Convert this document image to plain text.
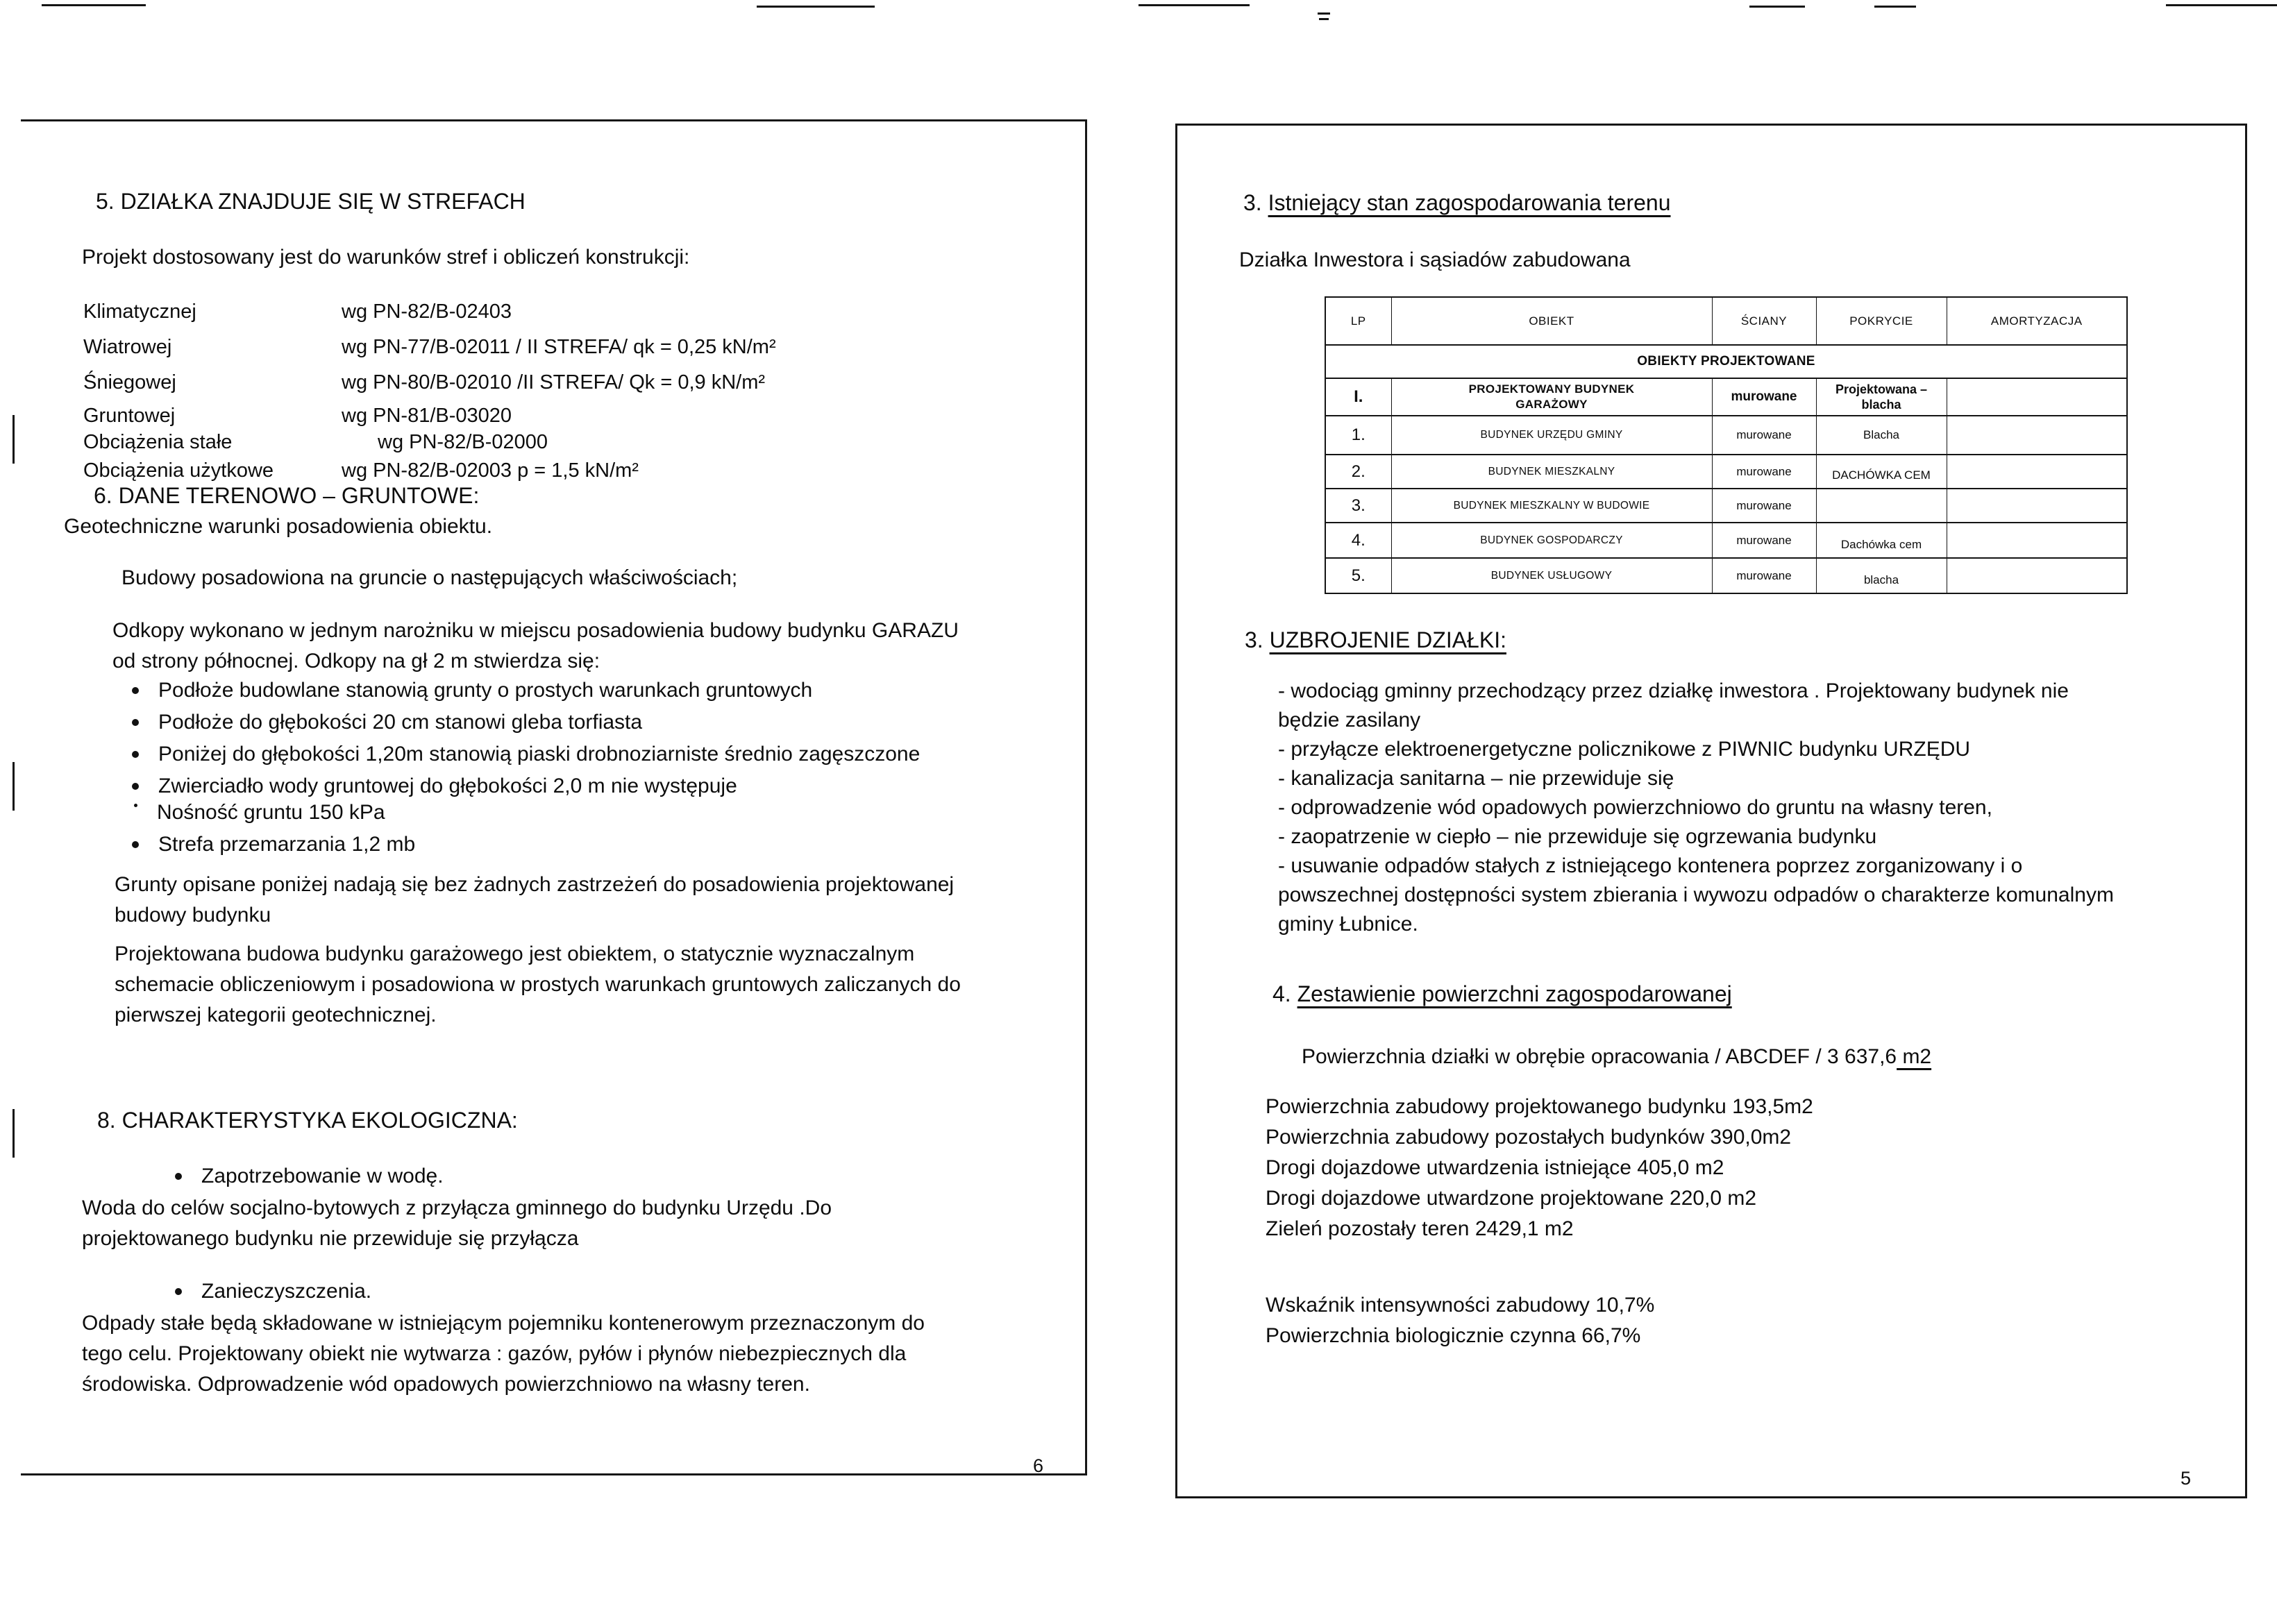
5. DZIAŁKA ZNAJDUJE SIĘ W STREFACH
Projekt dostosowany jest do warunków stref i obliczeń konstrukcji:
Klimatycznej	wg PN-82/B-02403
Wiatrowej	wg PN-77/B-02011 / II STREFA/ qk = 0,25 kN/m²
Śniegowej	wg PN-80/B-02010 /II STREFA/ Qk = 0,9 kN/m²
Gruntowej	wg PN-81/B-03020
Obciążenia stałe	wg PN-82/B-02000
Obciążenia użytkowe	wg PN-82/B-02003 p = 1,5 kN/m²
6. DANE TERENOWO – GRUNTOWE:
Geotechniczne warunki posadowienia obiektu.
Budowy posadowiona na gruncie o następujących właściwościach;
Odkopy wykonano w jednym narożniku w miejscu posadowienia budowy budynku GARAZU
od strony północnej. Odkopy na gł 2 m stwierdza się:
Podłoże budowlane stanowią grunty o prostych warunkach gruntowych
Podłoże do głębokości 20 cm stanowi gleba torfiasta
Poniżej do głębokości 1,20m stanowią piaski drobnoziarniste średnio zagęszczone
Zwierciadło wody gruntowej do głębokości 2,0 m nie występuje
Nośność gruntu 150 kPa
Strefa przemarzania 1,2 mb
Grunty opisane poniżej nadają się bez żadnych zastrzeżeń do posadowienia projektowanej
budowy budynku
Projektowana budowa budynku garażowego jest obiektem, o statycznie wyznaczalnym
schemacie obliczeniowym i posadowiona w prostych warunkach gruntowych zaliczanych do
pierwszej kategorii geotechnicznej.
8. CHARAKTERYSTYKA EKOLOGICZNA:
Zapotrzebowanie w wodę.
Woda do celów socjalno-bytowych z przyłącza gminnego do budynku Urzędu .Do
projektowanego budynku nie przewiduje się przyłącza
Zanieczyszczenia.
Odpady stałe będą składowane w istniejącym pojemniku kontenerowym przeznaczonym do
tego celu. Projektowany obiekt nie wytwarza : gazów, pyłów i płynów niebezpiecznych dla
środowiska. Odprowadzenie wód opadowych powierzchniowo na własny teren.
6
3. Istniejący stan zagospodarowania terenu
Działka Inwestora i sąsiadów zabudowana
LP	OBIEKT	ŚCIANY	POKRYCIE	AMORTYZACJA
OBIEKTY PROJEKTOWANE				
I.	PROJEKTOWANY BUDYNEK GARAŻOWY	murowane	Projektowana – blacha	
1.	BUDYNEK URZĘDU GMINY	murowane	Blacha	
2.	BUDYNEK MIESZKALNY	murowane	DACHÓWKA CEM	
3.	BUDYNEK MIESZKALNY W BUDOWIE	murowane		
4.	BUDYNEK GOSPODARCZY	murowane	Dachówka cem	
5.	BUDYNEK USŁUGOWY	murowane	blacha	
3. UZBROJENIE DZIAŁKI:
- wodociąg gminny przechodzący przez działkę inwestora . Projektowany budynek nie
będzie zasilany
- przyłącze elektroenergetyczne policznikowe z PIWNIC budynku URZĘDU
- kanalizacja sanitarna – nie przewiduje się
- odprowadzenie wód opadowych powierzchniowo do gruntu na własny teren,
- zaopatrzenie w ciepło – nie przewiduje się ogrzewania budynku
- usuwanie odpadów stałych z istniejącego kontenera poprzez zorganizowany i o
powszechnej dostępności system zbierania i wywozu odpadów o charakterze komunalnym
gminy Łubnice.
4. Zestawienie powierzchni zagospodarowanej
Powierzchnia działki w obrębie opracowania / ABCDEF / 3 637,6 m2
Powierzchnia zabudowy projektowanego budynku 193,5m2
Powierzchnia zabudowy pozostałych budynków 390,0m2
Drogi dojazdowe utwardzenia istniejące 405,0 m2
Drogi dojazdowe utwardzone projektowane 220,0 m2
Zieleń pozostały teren 2429,1 m2
Wskaźnik intensywności zabudowy 10,7%
Powierzchnia biologicznie czynna 66,7%
5
